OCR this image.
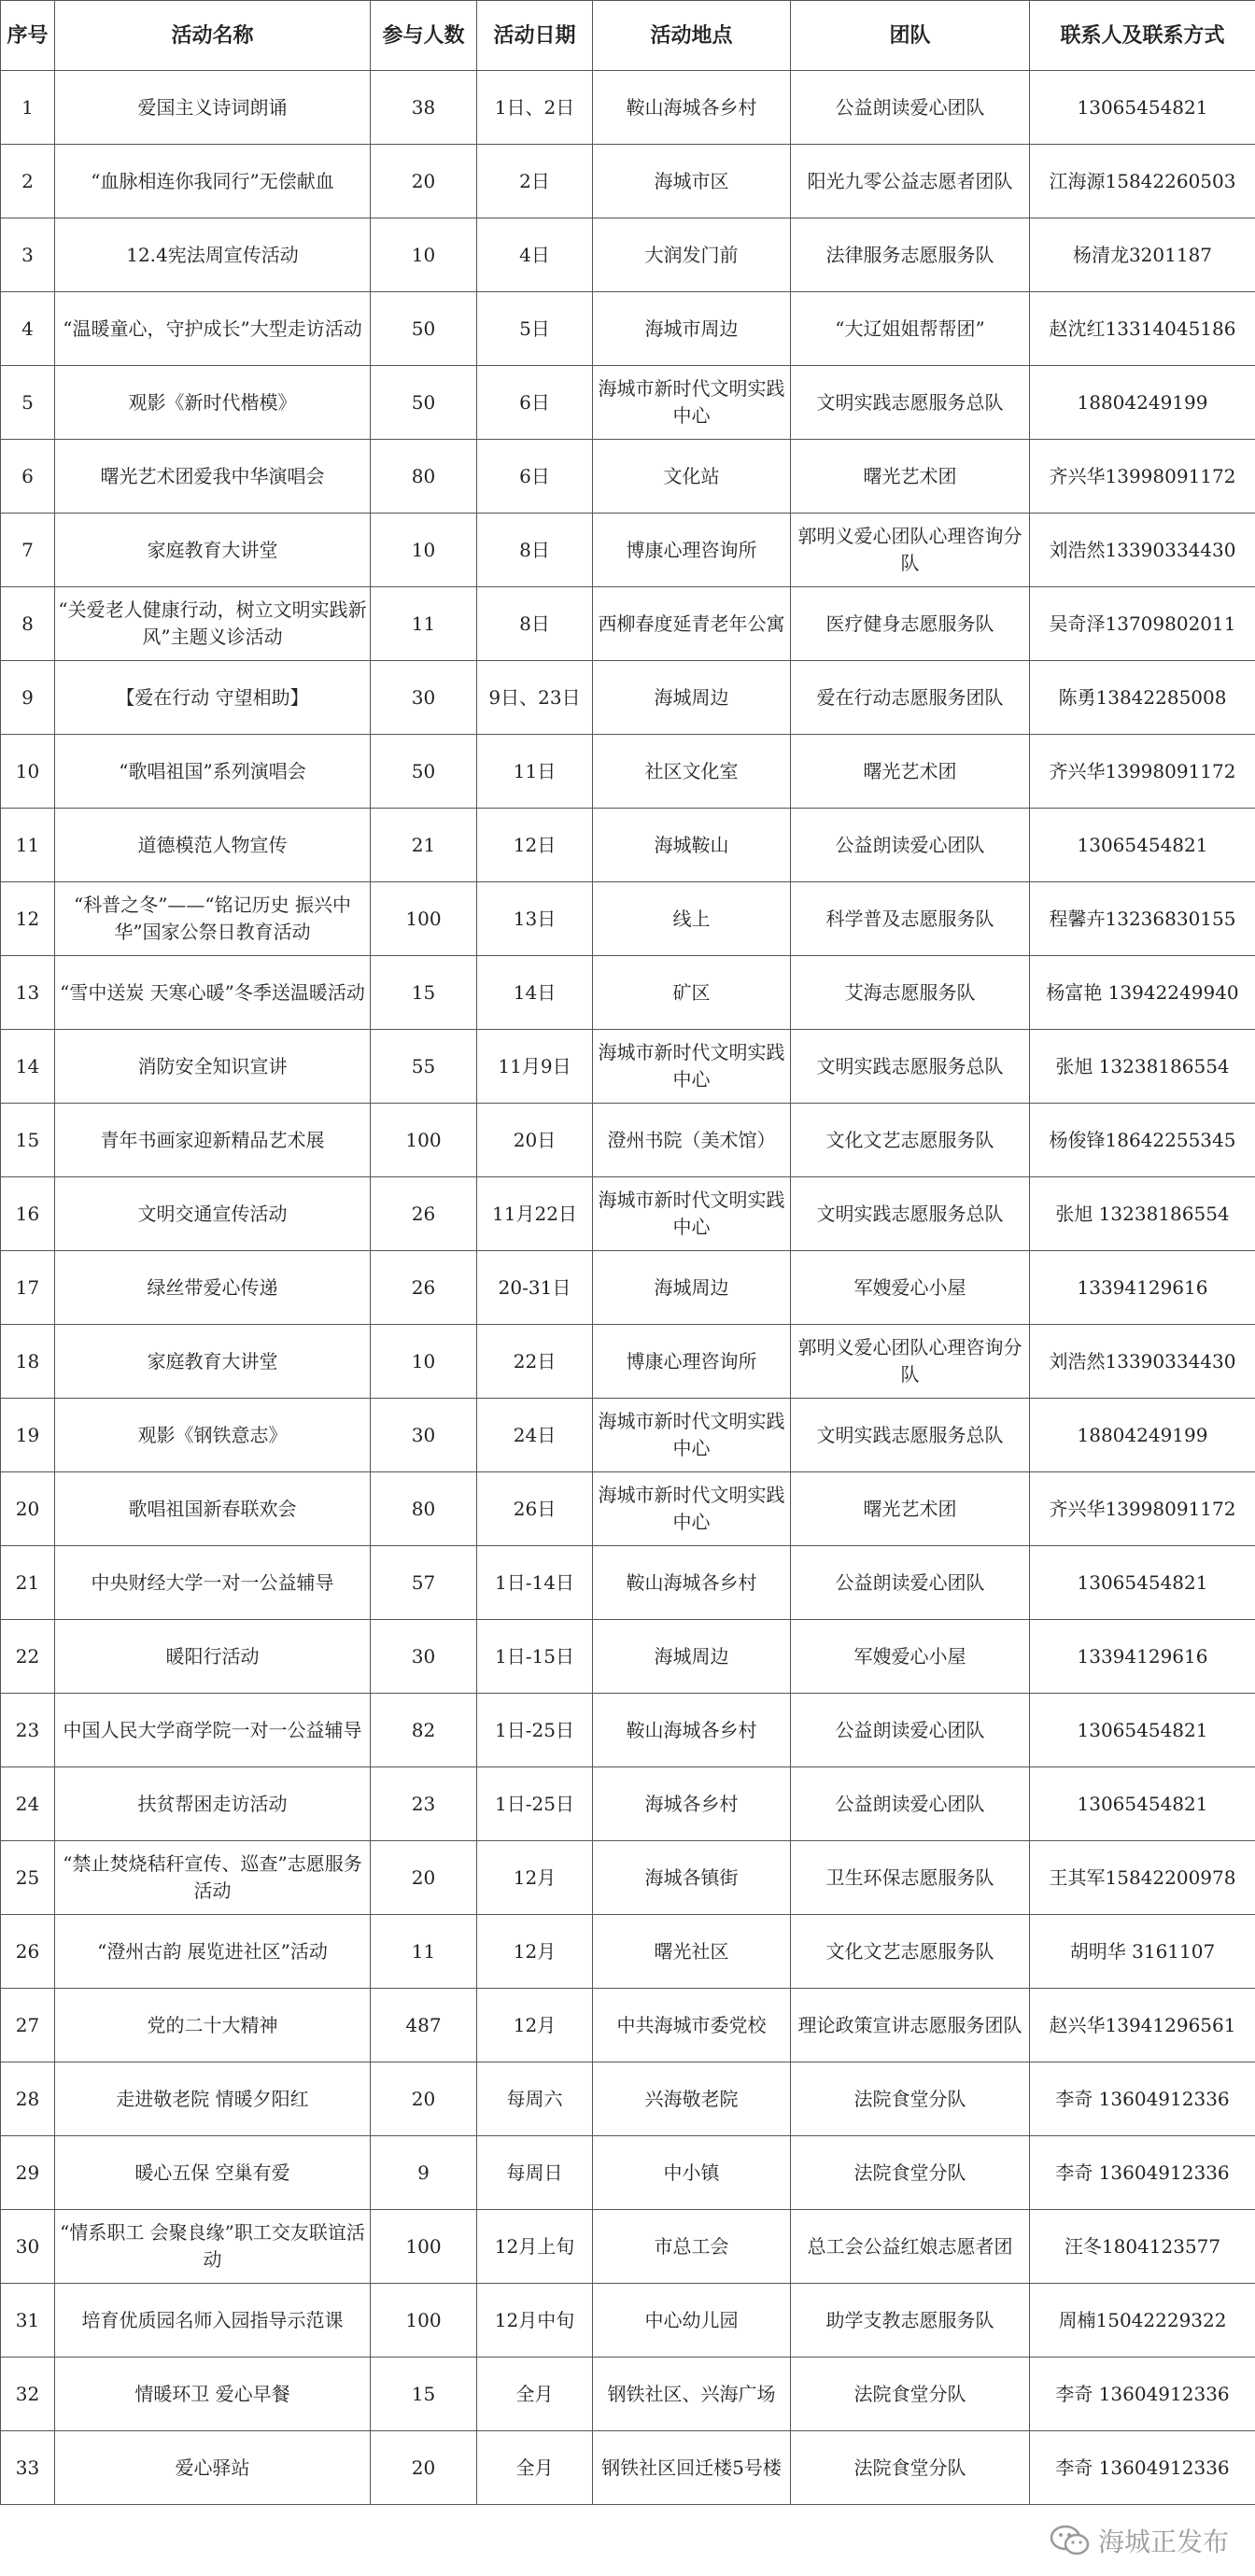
序号	活动名称	参与人数	活动日期	活动地点	团队	联系人及联系方式
1	爱国主义诗词朗诵	38	1日、2日	鞍山海城各乡村	公益朗读爱心团队	13065454821
2	“血脉相连你我同行”无偿献血	20	2日	海城市区	阳光九零公益志愿者团队	江海源15842260503
3	12.4宪法周宣传活动	10	4日	大润发门前	法律服务志愿服务队	杨清龙3201187
4	“温暖童心，守护成长”大型走访活动	50	5日	海城市周边	“大辽姐姐帮帮团”	赵沈红13314045186
5	观影《新时代楷模》	50	6日	海城市新时代文明实践中心	文明实践志愿服务总队	18804249199
6	曙光艺术团爱我中华演唱会	80	6日	文化站	曙光艺术团	齐兴华13998091172
7	家庭教育大讲堂	10	8日	博康心理咨询所	郭明义爱心团队心理咨询分队	刘浩然13390334430
8	“关爱老人健康行动，树立文明实践新风”主题义诊活动	11	8日	西柳春度延青老年公寓	医疗健身志愿服务队	吴奇泽13709802011
9	【爱在行动 守望相助】	30	9日、23日	海城周边	爱在行动志愿服务团队	陈勇13842285008
10	“歌唱祖国”系列演唱会	50	11日	社区文化室	曙光艺术团	齐兴华13998091172
11	道德模范人物宣传	21	12日	海城鞍山	公益朗读爱心团队	13065454821
12	“科普之冬”——“铭记历史 振兴中华”国家公祭日教育活动	100	13日	线上	科学普及志愿服务队	程馨卉13236830155
13	“雪中送炭 天寒心暖”冬季送温暖活动	15	14日	矿区	艾海志愿服务队	杨富艳 13942249940
14	消防安全知识宣讲	55	11月9日	海城市新时代文明实践中心	文明实践志愿服务总队	张旭 13238186554
15	青年书画家迎新精品艺术展	100	20日	澄州书院（美术馆）	文化文艺志愿服务队	杨俊锋18642255345
16	文明交通宣传活动	26	11月22日	海城市新时代文明实践中心	文明实践志愿服务总队	张旭 13238186554
17	绿丝带爱心传递	26	20-31日	海城周边	军嫂爱心小屋	13394129616
18	家庭教育大讲堂	10	22日	博康心理咨询所	郭明义爱心团队心理咨询分队	刘浩然13390334430
19	观影《钢铁意志》	30	24日	海城市新时代文明实践中心	文明实践志愿服务总队	18804249199
20	歌唱祖国新春联欢会	80	26日	海城市新时代文明实践中心	曙光艺术团	齐兴华13998091172
21	中央财经大学一对一公益辅导	57	1日-14日	鞍山海城各乡村	公益朗读爱心团队	13065454821
22	暖阳行活动	30	1日-15日	海城周边	军嫂爱心小屋	13394129616
23	中国人民大学商学院一对一公益辅导	82	1日-25日	鞍山海城各乡村	公益朗读爱心团队	13065454821
24	扶贫帮困走访活动	23	1日-25日	海城各乡村	公益朗读爱心团队	13065454821
25	“禁止焚烧秸秆宣传、巡查”志愿服务活动	20	12月	海城各镇街	卫生环保志愿服务队	王其军15842200978
26	“澄州古韵 展览进社区”活动	11	12月	曙光社区	文化文艺志愿服务队	胡明华 3161107
27	党的二十大精神	487	12月	中共海城市委党校	理论政策宣讲志愿服务团队	赵兴华13941296561
28	走进敬老院 情暖夕阳红	20	每周六	兴海敬老院	法院食堂分队	李奇 13604912336
29	暖心五保 空巢有爱	9	每周日	中小镇	法院食堂分队	李奇 13604912336
30	“情系职工 会聚良缘”职工交友联谊活动	100	12月上旬	市总工会	总工会公益红娘志愿者团	汪冬1804123577
31	培育优质园名师入园指导示范课	100	12月中旬	中心幼儿园	助学支教志愿服务队	周楠15042229322
32	情暖环卫 爱心早餐	15	全月	钢铁社区、兴海广场	法院食堂分队	李奇 13604912336
33	爱心驿站	20	全月	钢铁社区回迁楼5号楼	法院食堂分队	李奇 13604912336
海城正发布
